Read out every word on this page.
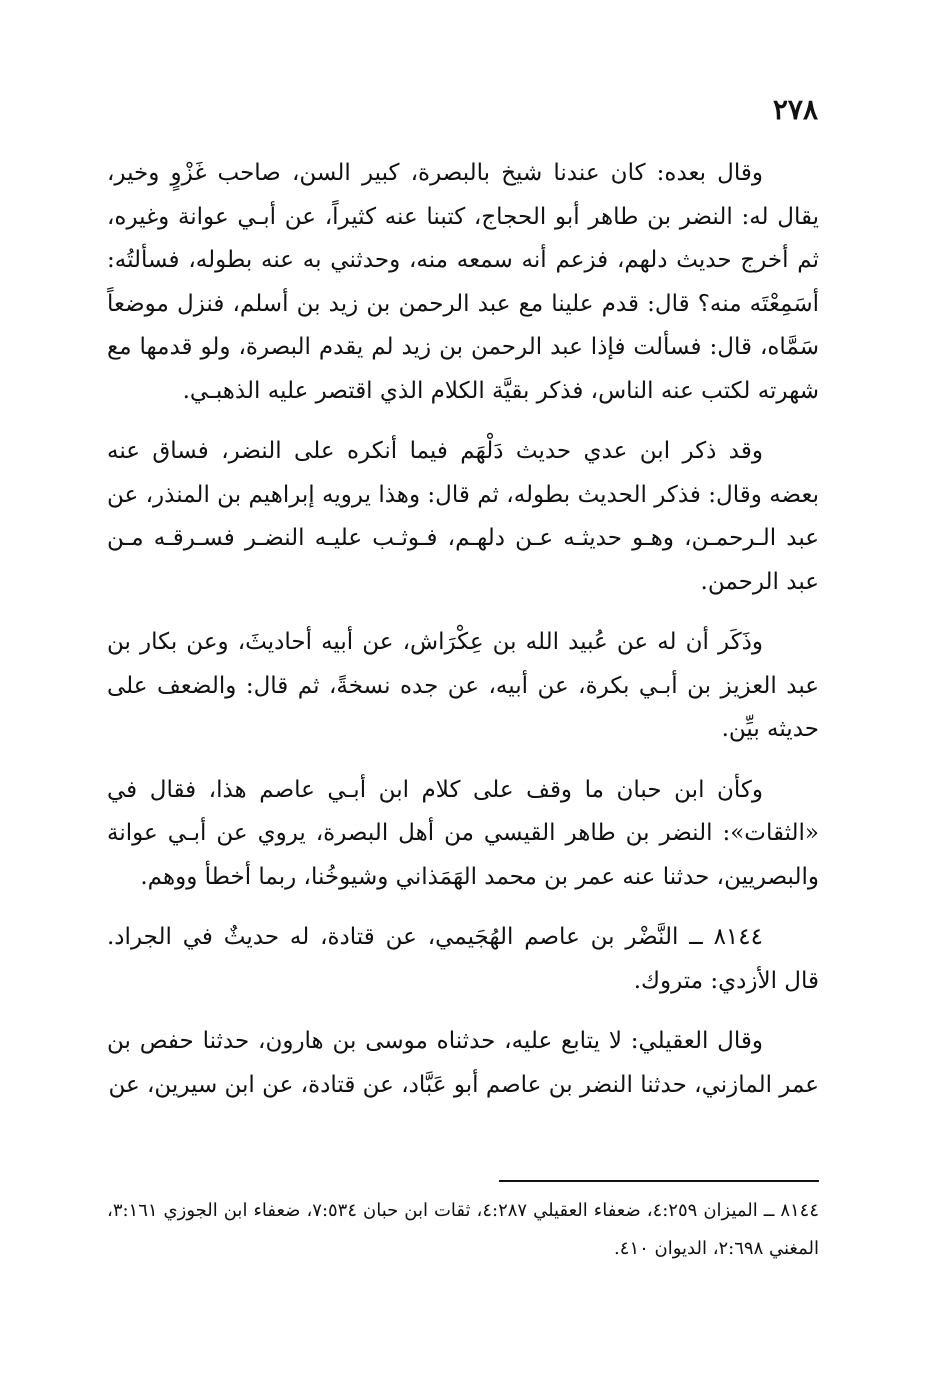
٢٧٨

وقال بعده: كان عندنا شيخ بالبصرة، كبير السن، صاحب غَزْوٍ وخير، يقال له: النضر بن طاهر أبو الحجاج، كتبنا عنه كثيراً، عن أبـي عوانة وغيره، ثم أخرج حديث دلهم، فزعم أنه سمعه منه، وحدثني به عنه بطوله، فسألتُه: أسَمِعْتَه منه؟ قال: قدم علينا مع عبد الرحمن بن زيد بن أسلم، فنزل موضعاً سَمَّاه، قال: فسألت فإذا عبد الرحمن بن زيد لم يقدم البصرة، ولو قدمها مع شهرته لكتب عنه الناس، فذكر بقيَّة الكلام الذي اقتصر عليه الذهبـي.

وقد ذكر ابن عدي حديث دَلْهَم فيما أنكره على النضر، فساق عنه بعضه وقال: فذكر الحديث بطوله، ثم قال: وهذا يرويه إبراهيم بن المنذر، عن عبد الـرحمـن، وهـو حديثـه عـن دلهـم، فـوثـب عليـه النضـر فسـرقـه مـن عبد الرحمن.

وذَكَر أن له عن عُبيد الله بن عِكْرَاش، عن أبيه أحاديثَ، وعن بكار بن عبد العزيز بن أبـي بكرة، عن أبيه، عن جده نسخةً، ثم قال: والضعف على حديثه بيِّن.

وكأن ابن حبان ما وقف على كلام ابن أبـي عاصم هذا، فقال في «الثقات»: النضر بن طاهر القيسي من أهل البصرة، يروي عن أبـي عوانة والبصريين، حدثنا عنه عمر بن محمد الهَمَذاني وشيوخُنا، ربما أخطأ ووهم.

٨١٤٤ ــ النَّضْر بن عاصم الهُجَيمي، عن قتادة، له حديثٌ في الجراد. قال الأزدي: متروك.

وقال العقيلي: لا يتابع عليه، حدثناه موسى بن هارون، حدثنا حفص بن عمر المازني، حدثنا النضر بن عاصم أبو عَبَّاد، عن قتادة، عن ابن سيرين، عن

٨١٤٤ ــ الميزان ٤:٢٥٩، ضعفاء العقيلي ٤:٢٨٧، ثقات ابن حبان ٧:٥٣٤، ضعفاء ابن الجوزي ٣:١٦١، المغني ٢:٦٩٨، الديوان ٤١٠.
